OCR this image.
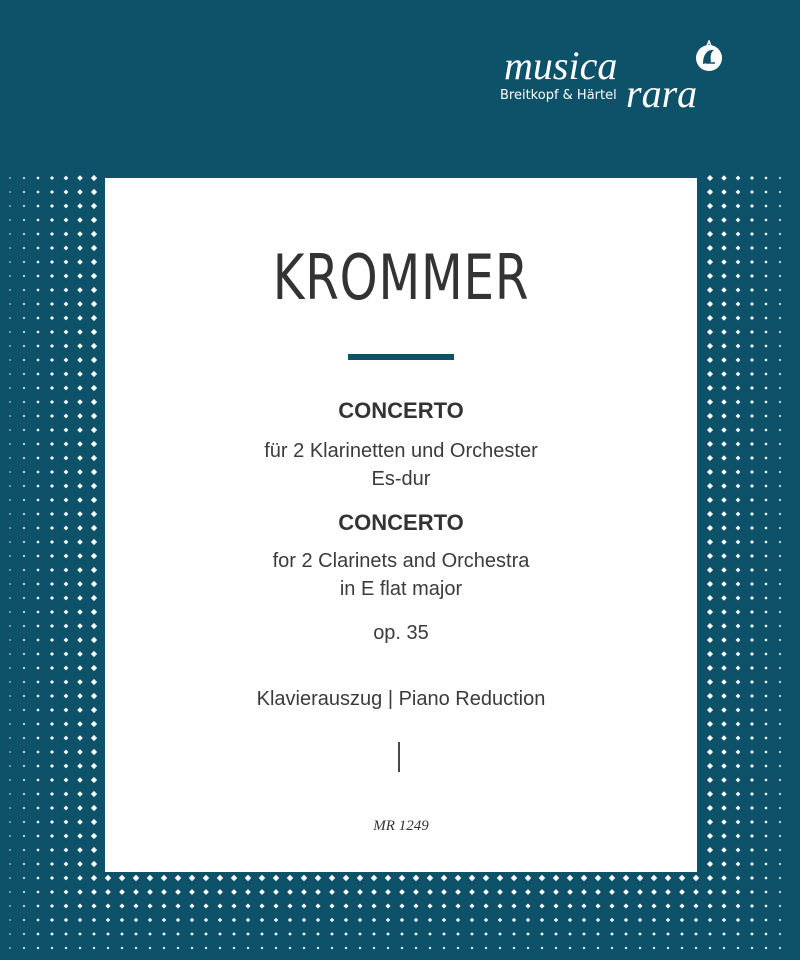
musica
rara
Breitkopf & Härtel
KROMMER
CONCERTO
für 2 Klarinetten und Orchester
Es-dur
CONCERTO
for 2 Clarinets and Orchestra
in E flat major
op. 35
Klavierauszug | Piano Reduction
MR 1249
